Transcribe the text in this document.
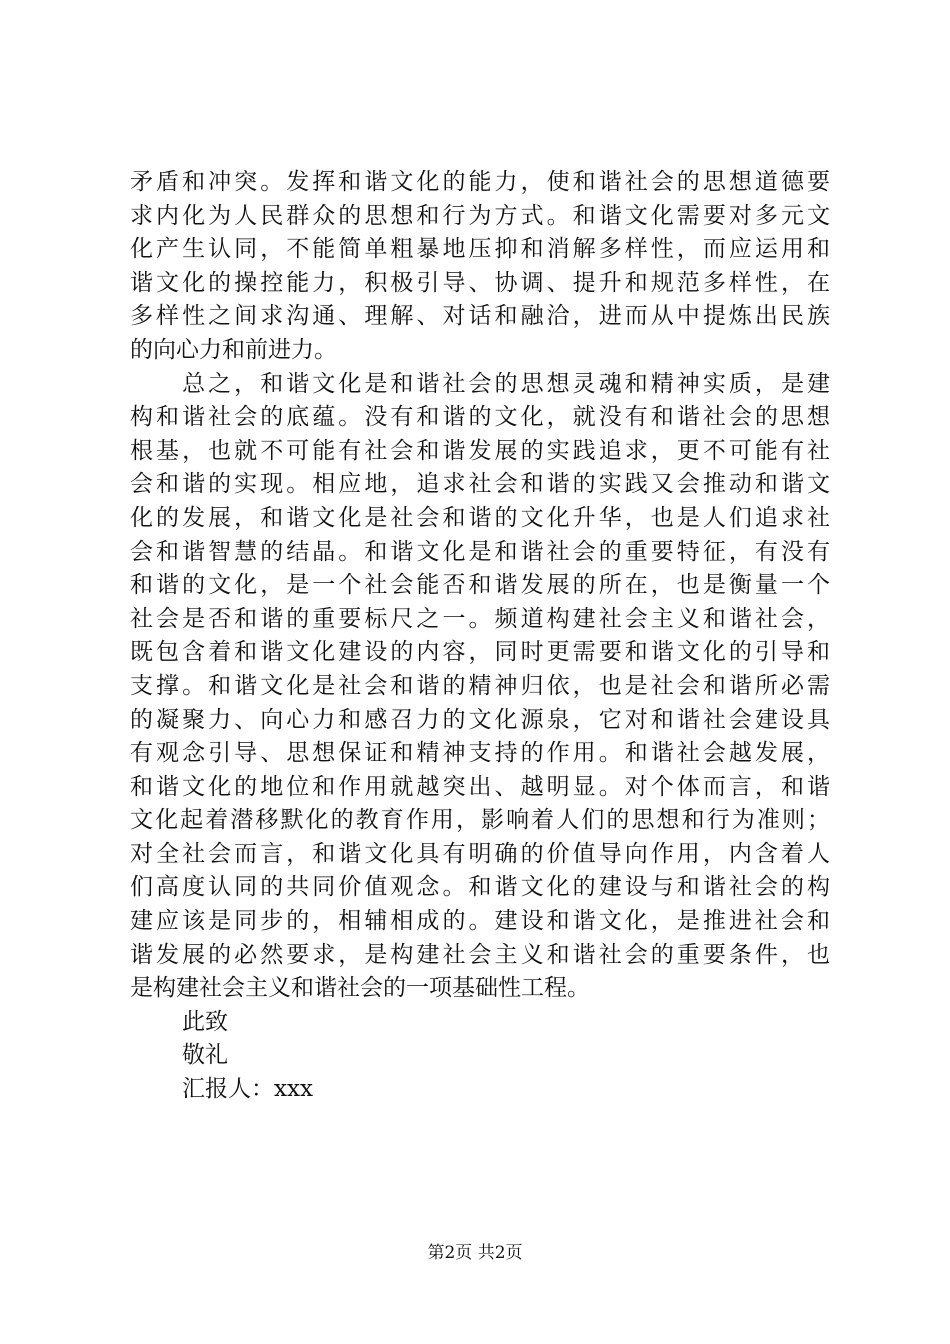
矛盾和冲突。发挥和谐文化的能力，使和谐社会的思想道德要
求内化为人民群众的思想和行为方式。和谐文化需要对多元文
化产生认同，不能简单粗暴地压抑和消解多样性，而应运用和
谐文化的操控能力，积极引导、协调、提升和规范多样性，在
多样性之间求沟通、理解、对话和融洽，进而从中提炼出民族
的向心力和前进力。
　　总之，和谐文化是和谐社会的思想灵魂和精神实质，是建
构和谐社会的底蕴。没有和谐的文化，就没有和谐社会的思想
根基，也就不可能有社会和谐发展的实践追求，更不可能有社
会和谐的实现。相应地，追求社会和谐的实践又会推动和谐文
化的发展，和谐文化是社会和谐的文化升华，也是人们追求社
会和谐智慧的结晶。和谐文化是和谐社会的重要特征，有没有
和谐的文化，是一个社会能否和谐发展的所在，也是衡量一个
社会是否和谐的重要标尺之一。频道构建社会主义和谐社会，
既包含着和谐文化建设的内容，同时更需要和谐文化的引导和
支撑。和谐文化是社会和谐的精神归依，也是社会和谐所必需
的凝聚力、向心力和感召力的文化源泉，它对和谐社会建设具
有观念引导、思想保证和精神支持的作用。和谐社会越发展，
和谐文化的地位和作用就越突出、越明显。对个体而言，和谐
文化起着潜移默化的教育作用，影响着人们的思想和行为准则；
对全社会而言，和谐文化具有明确的价值导向作用，内含着人
们高度认同的共同价值观念。和谐文化的建设与和谐社会的构
建应该是同步的，相辅相成的。建设和谐文化，是推进社会和
谐发展的必然要求，是构建社会主义和谐社会的重要条件，也
是构建社会主义和谐社会的一项基础性工程。
此致
敬礼
汇报人：xxx
第2页 共2页
